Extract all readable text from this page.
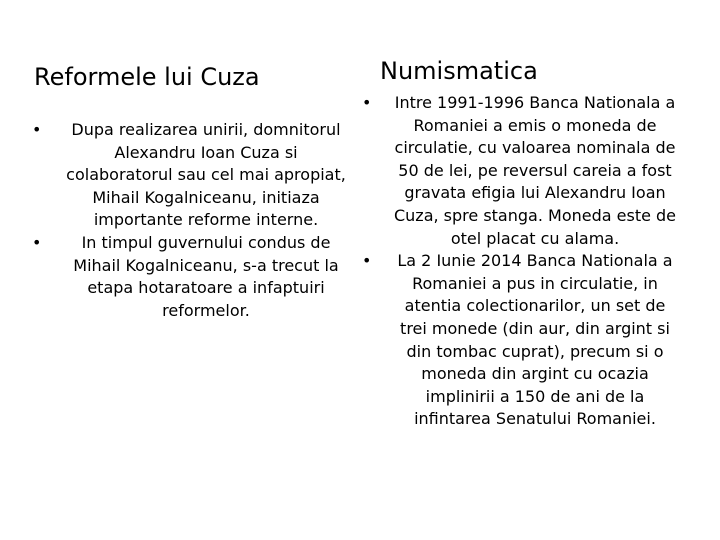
Reformele lui Cuza	Numismatica
•	Dupa realizarea unirii, domnitorul Alexandru Ioan Cuza si colaboratorul sau cel mai apropiat, Mihail Kogalniceanu, initiaza importante reforme interne.
•	In timpul guvernului condus de Mihail Kogalniceanu, s-a trecut la etapa hotaratoare a infaptuiri reformelor.
•	Intre 1991-1996 Banca Nationala a Romaniei a emis o moneda de circulatie, cu valoarea nominala de 50 de lei, pe reversul careia a fost gravata efigia lui Alexandru Ioan Cuza, spre stanga. Moneda este de otel placat cu alama.
•	La 2 Iunie 2014 Banca Nationala a Romaniei a pus in circulatie, in atentia colectionarilor, un set de trei monede (din aur, din argint si din tombac cuprat), precum si o moneda din argint cu ocazia implinirii a 150 de ani de la infintarea Senatului Romaniei.
